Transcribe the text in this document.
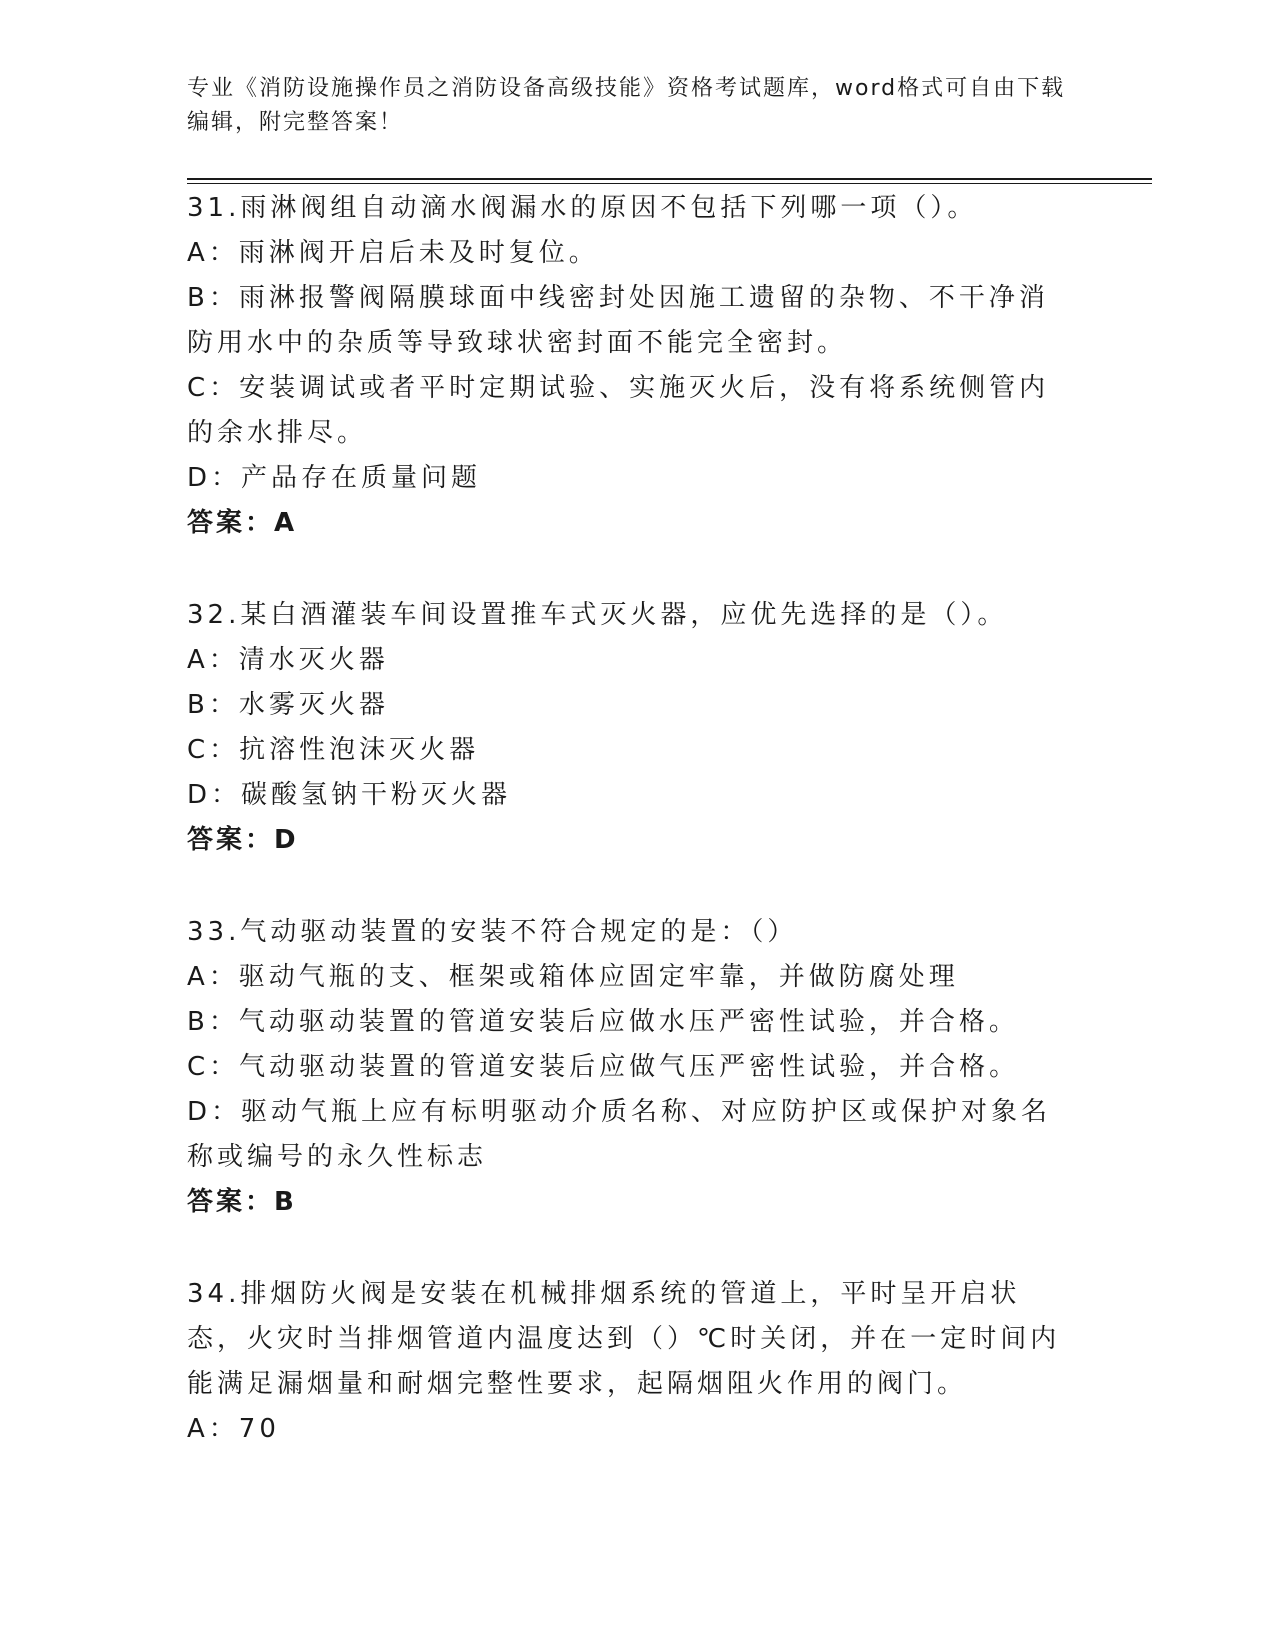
专业《消防设施操作员之消防设备高级技能》资格考试题库，word格式可自由下载编辑，附完整答案！

31.雨淋阀组自动滴水阀漏水的原因不包括下列哪一项（）。

A：雨淋阀开启后未及时复位。

B：雨淋报警阀隔膜球面中线密封处因施工遗留的杂物、不干净消防用水中的杂质等导致球状密封面不能完全密封。

C：安装调试或者平时定期试验、实施灭火后，没有将系统侧管内的余水排尽。

D：产品存在质量问题

答案：A

32.某白酒灌装车间设置推车式灭火器，应优先选择的是（）。

A：清水灭火器

B：水雾灭火器

C：抗溶性泡沫灭火器

D：碳酸氢钠干粉灭火器

答案：D

33.气动驱动装置的安装不符合规定的是：（）

A：驱动气瓶的支、框架或箱体应固定牢靠，并做防腐处理

B：气动驱动装置的管道安装后应做水压严密性试验，并合格。

C：气动驱动装置的管道安装后应做气压严密性试验，并合格。

D：驱动气瓶上应有标明驱动介质名称、对应防护区或保护对象名称或编号的永久性标志

答案：B

34.排烟防火阀是安装在机械排烟系统的管道上，平时呈开启状态，火灾时当排烟管道内温度达到（）℃时关闭，并在一定时间内能满足漏烟量和耐烟完整性要求，起隔烟阻火作用的阀门。

A：70
